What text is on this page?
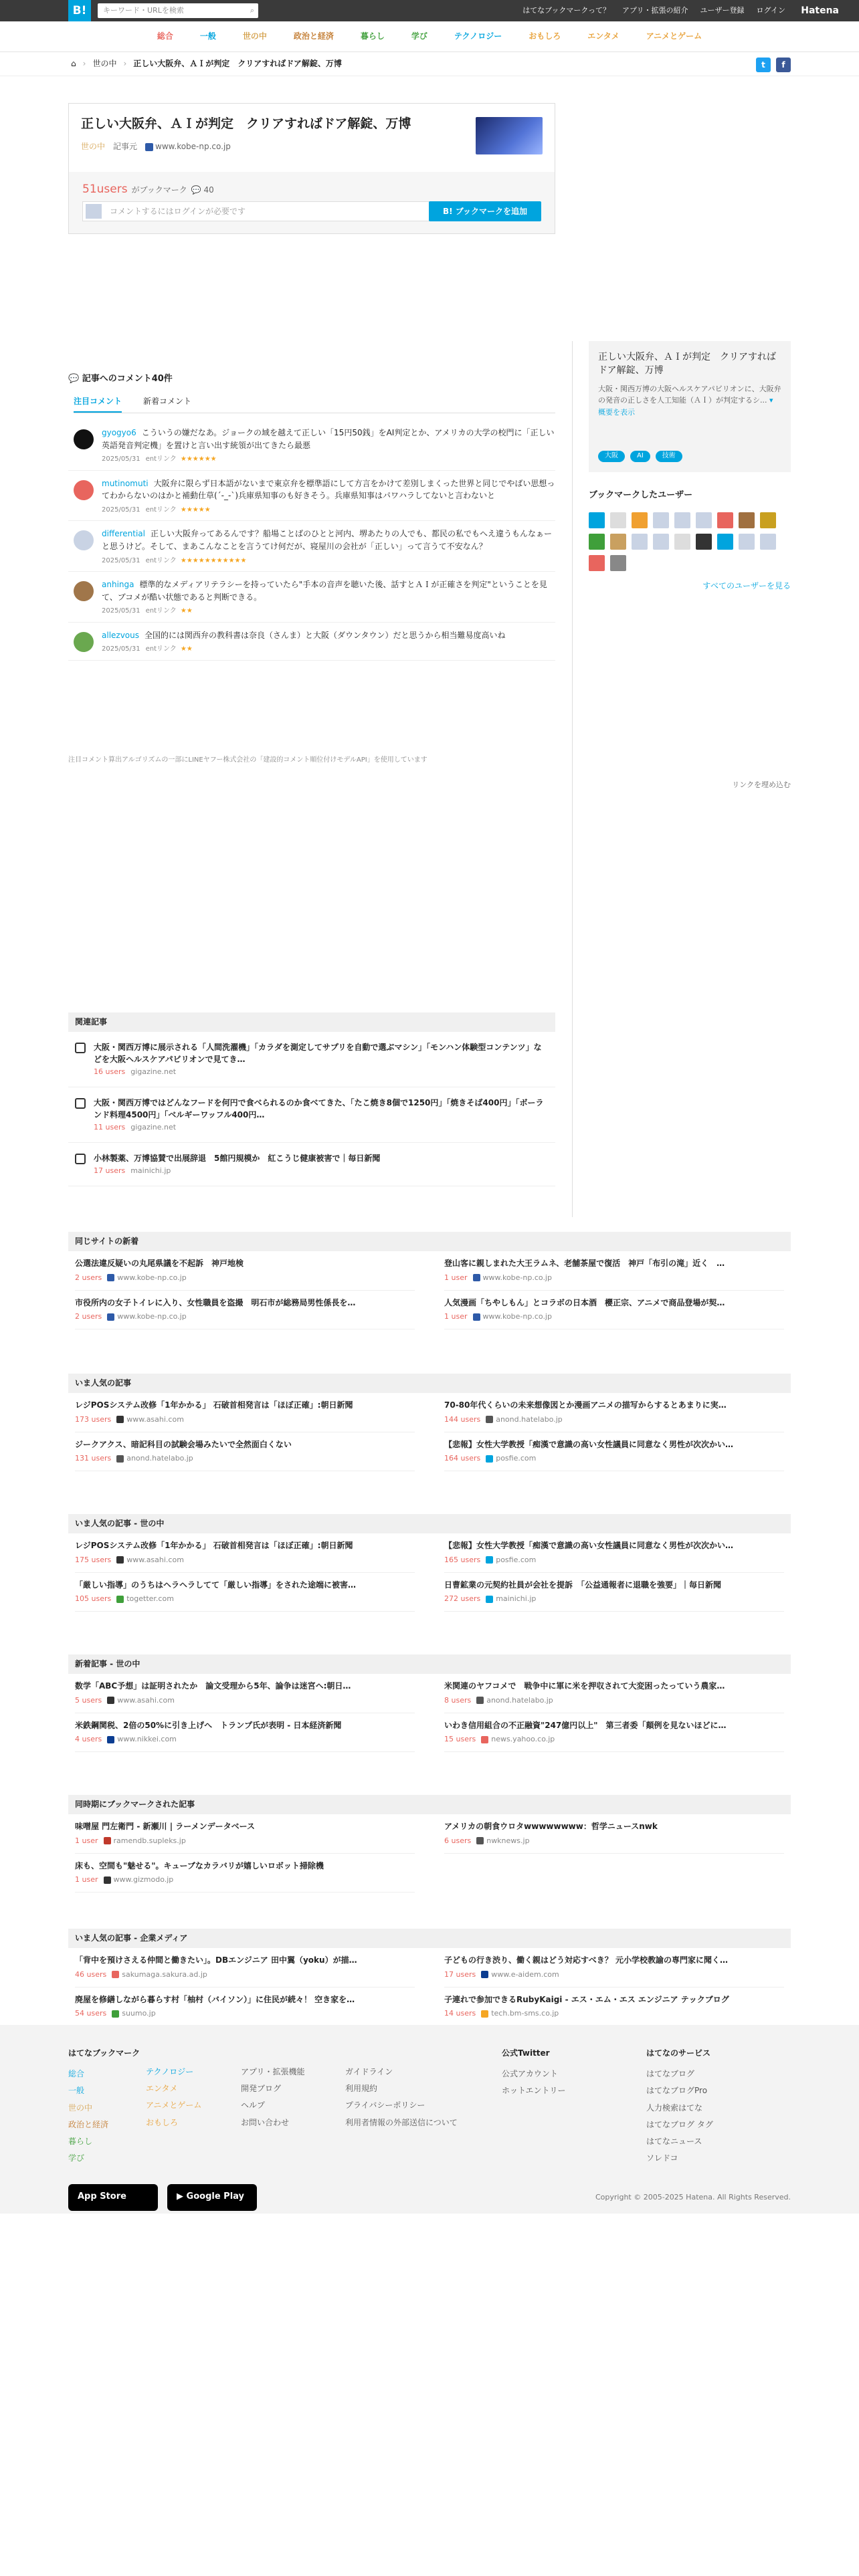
B!	キーワード・URLを検索	⌕	はてなブックマークって？ アプリ・拡張の紹介 ユーザー登録 ログイン Hatena
総合	一般	世の中	政治と経済	暮らし	学び	テクノロジー	おもしろ	エンタメ	アニメとゲーム
⌂ › 世の中 › 正しい大阪弁、ＡＩが判定　クリアすればドア解錠、万博	t	f
正しい大阪弁、ＡＩが判定　クリアすればドア解錠、万博
世の中 記事元	www.kobe-np.co.jp
51users がブックマーク 💬 40
コメントするにはログインが必要です	B! ブックマークを追加
正しい大阪弁、ＡＩが判定　クリアすればドア解錠、万博
大阪・関西万博の大阪ヘルスケアパビリオンに、大阪弁の発音の正しさを人工知能（ＡＩ）が判定するシ... ▾ 概要を表示
大阪	AI	技術
ブックマークしたユーザー
すべてのユーザーを見る
💬 記事へのコメント40件
注目コメント	新着コメント
gyogyo6 こういうの嫌だなあ。ジョークの域を越えて正しい「15円50銭」をAI判定とか、アメリカの大学の校門に「正しい英語発音判定機」を置けと言い出す統領が出てきたら最悪
2025/05/31 entリンク ★★★★★★
mutinomuti 大阪弁に限らず日本語がないまで東京弁を標準語にして方言をかけて差別しまくった世界と同じでやばい思想ってわからないのはかと補動仕草(´-_-`)兵庫県知事のも好きそう。兵庫県知事はパワハラしてないと言わないと
2025/05/31 entリンク ★★★★★
differential 正しい大阪弁ってあるんです？船場ことばのひとと河内、堺あたりの人でも、都民の私でもへえ違うもんなぁーと思うけど。そして、まあこんなことを言うてけ何だが、寝屋川の会社が「正しい」って言うて不安なん？
2025/05/31 entリンク ★★★★★★★★★★★
anhinga 標準的なメディアリテラシーを持っていたら"手本の音声を聴いた後、話すとＡＩが正確さを判定"ということを見て、ブコメが酷い状態であると判断できる。
2025/05/31 entリンク ★★
allezvous 全国的には関西弁の教科書は奈良（さんま）と大阪（ダウンタウン）だと思うから相当難易度高いね
2025/05/31 entリンク ★★
注目コメント算出アルゴリズムの一部にLINEヤフー株式会社の「建設的コメント順位付けモデルAPI」を使用しています
リンクを埋め込む
関連記事
大阪・関西万博に展示される「人間洗濯機」「カラダを測定してサプリを自動で選ぶマシン」「モンハン体験型コンテンツ」などを大阪ヘルスケアパビリオンで見てき…
16 users gigazine.net
大阪・関西万博ではどんなフードを何円で食べられるのか食べてきた、「たこ焼き8個で1250円」「焼きそば400円」「ボーランド料理4500円」「ベルギーワッフル400円…
11 users gigazine.net
小林製薬、万博協賛で出展辞退　5館円規模か　紅こうじ健康被害で｜毎日新聞
17 users mainichi.jp
同じサイトの新着
公選法違反疑いの丸尾県議を不起訴　神戸地検
2 users www.kobe-np.co.jp
登山客に親しまれた大王ラムネ、老舗茶屋で復活　神戸「布引の滝」近く　…
1 user www.kobe-np.co.jp
市役所内の女子トイレに入り、女性職員を盗撮　明石市が総務局男性係長を…
2 users www.kobe-np.co.jp
人気漫画「ちやしもん」とコラボの日本酒　櫻正宗、アニメで商品登場が契…
1 user www.kobe-np.co.jp
いま人気の記事
レジPOSシステム改修「1年かかる」 石破首相発言は「ほぼ正確」:朝日新聞
173 users www.asahi.com
70-80年代くらいの未来想像図とか漫画アニメの描写からするとあまりに実…
144 users anond.hatelabo.jp
ジークアクス、暗記科目の試験会場みたいで全然面白くない
131 users anond.hatelabo.jp
【悲報】女性大学教授「痴漢で意識の高い女性議員に同意なく男性が次次かい…
164 users posfie.com
いま人気の記事 - 世の中
レジPOSシステム改修「1年かかる」 石破首相発言は「ほぼ正確」:朝日新聞
175 users www.asahi.com
【悲報】女性大学教授「痴漢で意識の高い女性議員に同意なく男性が次次かい…
165 users posfie.com
「厳しい指導」のうちはヘラヘラしてて「厳しい指導」をされた途端に被害…
105 users togetter.com
日曹鉱業の元契約社員が会社を提訴　「公益通報者に退職を強要」｜毎日新聞
272 users mainichi.jp
新着記事 - 世の中
数学「ABC予想」は証明されたか　論文受理から5年、論争は迷宮へ:朝日…
5 users www.asahi.com
米関連のヤフコメで　戦争中に軍に米を押収されて大変困ったっていう農家…
8 users anond.hatelabo.jp
米鉄鋼関税、2倍の50%に引き上げへ　トランプ氏が表明 - 日本経済新聞
4 users www.nikkei.com
いわき信用組合の不正融資"247億円以上"　第三者委「顛例を見ないほどに…
15 users news.yahoo.co.jp
同時期にブックマークされた記事
味噌屋 門左衛門 - 新瀬川 | ラーメンデータベース
1 user ramendb.supleks.jp
アメリカの朝食ウロタwwwwwwww：哲学ニュースnwk
6 users nwknews.jp
床も、空間も"魅せる"。キューブなカラバリが嬉しいロボット掃除機
1 user www.gizmodo.jp
いま人気の記事 - 企業メディア
「背中を預けさえる仲間と働きたい」。DBエンジニア 田中翼（yoku）が描…
46 users sakumaga.sakura.ad.jp
子どもの行き渋り、働く親はどう対応すべき？ 元小学校教諭の専門家に聞く…
17 users www.e-aidem.com
廃屋を修繕しながら暮らす村「柚村（バイソン）」に住民が続々！ 空き家を…
54 users suumo.jp
子連れで参加できるRubyKaigi - エス・エム・エス エンジニア テックブログ
14 users tech.bm-sms.co.jp
はてなブックマーク
総合
一般
世の中
政治と経済
暮らし
学び
テクノロジー
エンタメ
アニメとゲーム
おもしろ
アプリ・拡張機能
開発ブログ
ヘルプ
お問い合わせ
ガイドライン
利用規約
プライバシーポリシー
利用者情報の外部送信について
公式Twitter
公式アカウント
ホットエントリー
はてなのサービス
はてなブログ
はてなブログPro
人力検索はてな
はてなブログ タグ
はてなニュース
ソレドコ
App Store	▶ Google Play	Copyright © 2005-2025 Hatena. All Rights Reserved.
